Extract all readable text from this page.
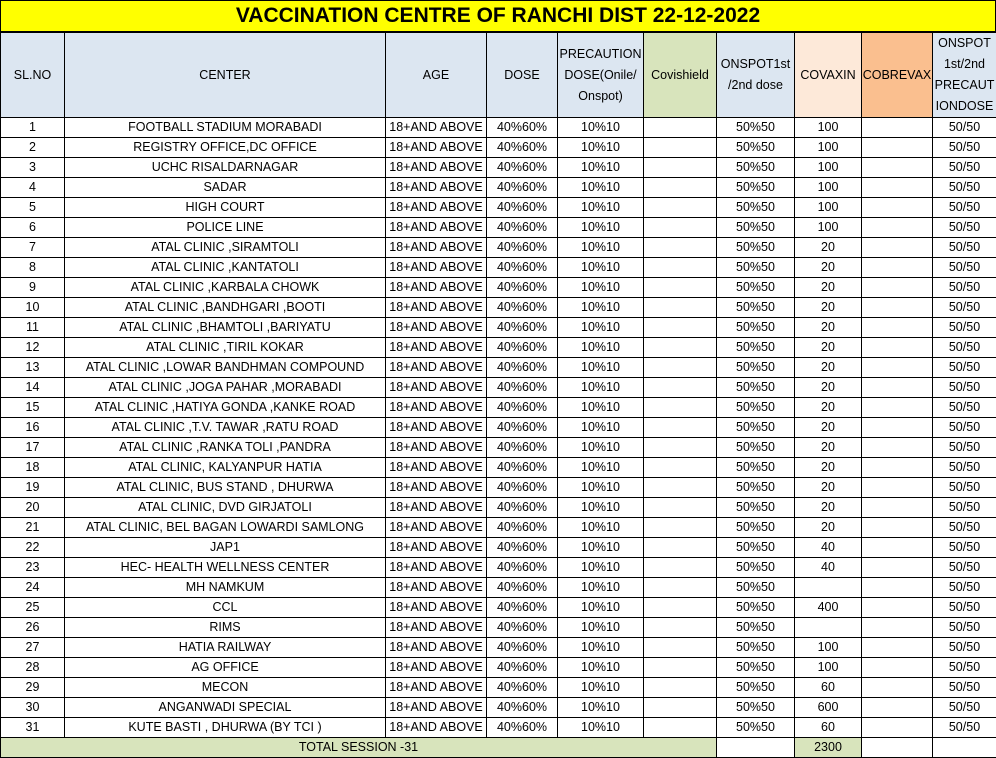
VACCINATION CENTRE OF RANCHI DIST 22-12-2022
SL.NO	CENTER	AGE	DOSE	PRECAUTION DOSE(Onile/ Onspot)	Covishield	ONSPOT1st /2nd dose	COVAXIN	COBREVAX	ONSPOT 1st/2nd PRECAUT IONDOSE
1	FOOTBALL STADIUM MORABADI	18+AND ABOVE	40%60%	10%10		50%50	100		50/50
2	REGISTRY OFFICE,DC OFFICE	18+AND ABOVE	40%60%	10%10		50%50	100		50/50
3	UCHC RISALDARNAGAR	18+AND ABOVE	40%60%	10%10		50%50	100		50/50
4	SADAR	18+AND ABOVE	40%60%	10%10		50%50	100		50/50
5	HIGH COURT	18+AND ABOVE	40%60%	10%10		50%50	100		50/50
6	POLICE LINE	18+AND ABOVE	40%60%	10%10		50%50	100		50/50
7	ATAL CLINIC ,SIRAMTOLI	18+AND ABOVE	40%60%	10%10		50%50	20		50/50
8	ATAL CLINIC ,KANTATOLI	18+AND ABOVE	40%60%	10%10		50%50	20		50/50
9	ATAL CLINIC ,KARBALA CHOWK	18+AND ABOVE	40%60%	10%10		50%50	20		50/50
10	ATAL CLINIC ,BANDHGARI ,BOOTI	18+AND ABOVE	40%60%	10%10		50%50	20		50/50
11	ATAL CLINIC ,BHAMTOLI ,BARIYATU	18+AND ABOVE	40%60%	10%10		50%50	20		50/50
12	ATAL CLINIC ,TIRIL KOKAR	18+AND ABOVE	40%60%	10%10		50%50	20		50/50
13	ATAL CLINIC ,LOWAR BANDHMAN COMPOUND	18+AND ABOVE	40%60%	10%10		50%50	20		50/50
14	ATAL CLINIC ,JOGA PAHAR ,MORABADI	18+AND ABOVE	40%60%	10%10		50%50	20		50/50
15	ATAL CLINIC ,HATIYA GONDA ,KANKE ROAD	18+AND ABOVE	40%60%	10%10		50%50	20		50/50
16	ATAL CLINIC ,T.V. TAWAR ,RATU ROAD	18+AND ABOVE	40%60%	10%10		50%50	20		50/50
17	ATAL CLINIC ,RANKA TOLI ,PANDRA	18+AND ABOVE	40%60%	10%10		50%50	20		50/50
18	ATAL CLINIC, KALYANPUR HATIA	18+AND ABOVE	40%60%	10%10		50%50	20		50/50
19	ATAL CLINIC, BUS STAND , DHURWA	18+AND ABOVE	40%60%	10%10		50%50	20		50/50
20	ATAL CLINIC, DVD GIRJATOLI	18+AND ABOVE	40%60%	10%10		50%50	20		50/50
21	ATAL CLINIC, BEL BAGAN LOWARDI SAMLONG	18+AND ABOVE	40%60%	10%10		50%50	20		50/50
22	JAP1	18+AND ABOVE	40%60%	10%10		50%50	40		50/50
23	HEC- HEALTH WELLNESS CENTER	18+AND ABOVE	40%60%	10%10		50%50	40		50/50
24	MH NAMKUM	18+AND ABOVE	40%60%	10%10		50%50			50/50
25	CCL	18+AND ABOVE	40%60%	10%10		50%50	400		50/50
26	RIMS	18+AND ABOVE	40%60%	10%10		50%50			50/50
27	HATIA RAILWAY	18+AND ABOVE	40%60%	10%10		50%50	100		50/50
28	AG OFFICE	18+AND ABOVE	40%60%	10%10		50%50	100		50/50
29	MECON	18+AND ABOVE	40%60%	10%10		50%50	60		50/50
30	ANGANWADI SPECIAL	18+AND ABOVE	40%60%	10%10		50%50	600		50/50
31	KUTE BASTI , DHURWA (BY TCI )	18+AND ABOVE	40%60%	10%10		50%50	60		50/50
TOTAL SESSION -31							2300		
